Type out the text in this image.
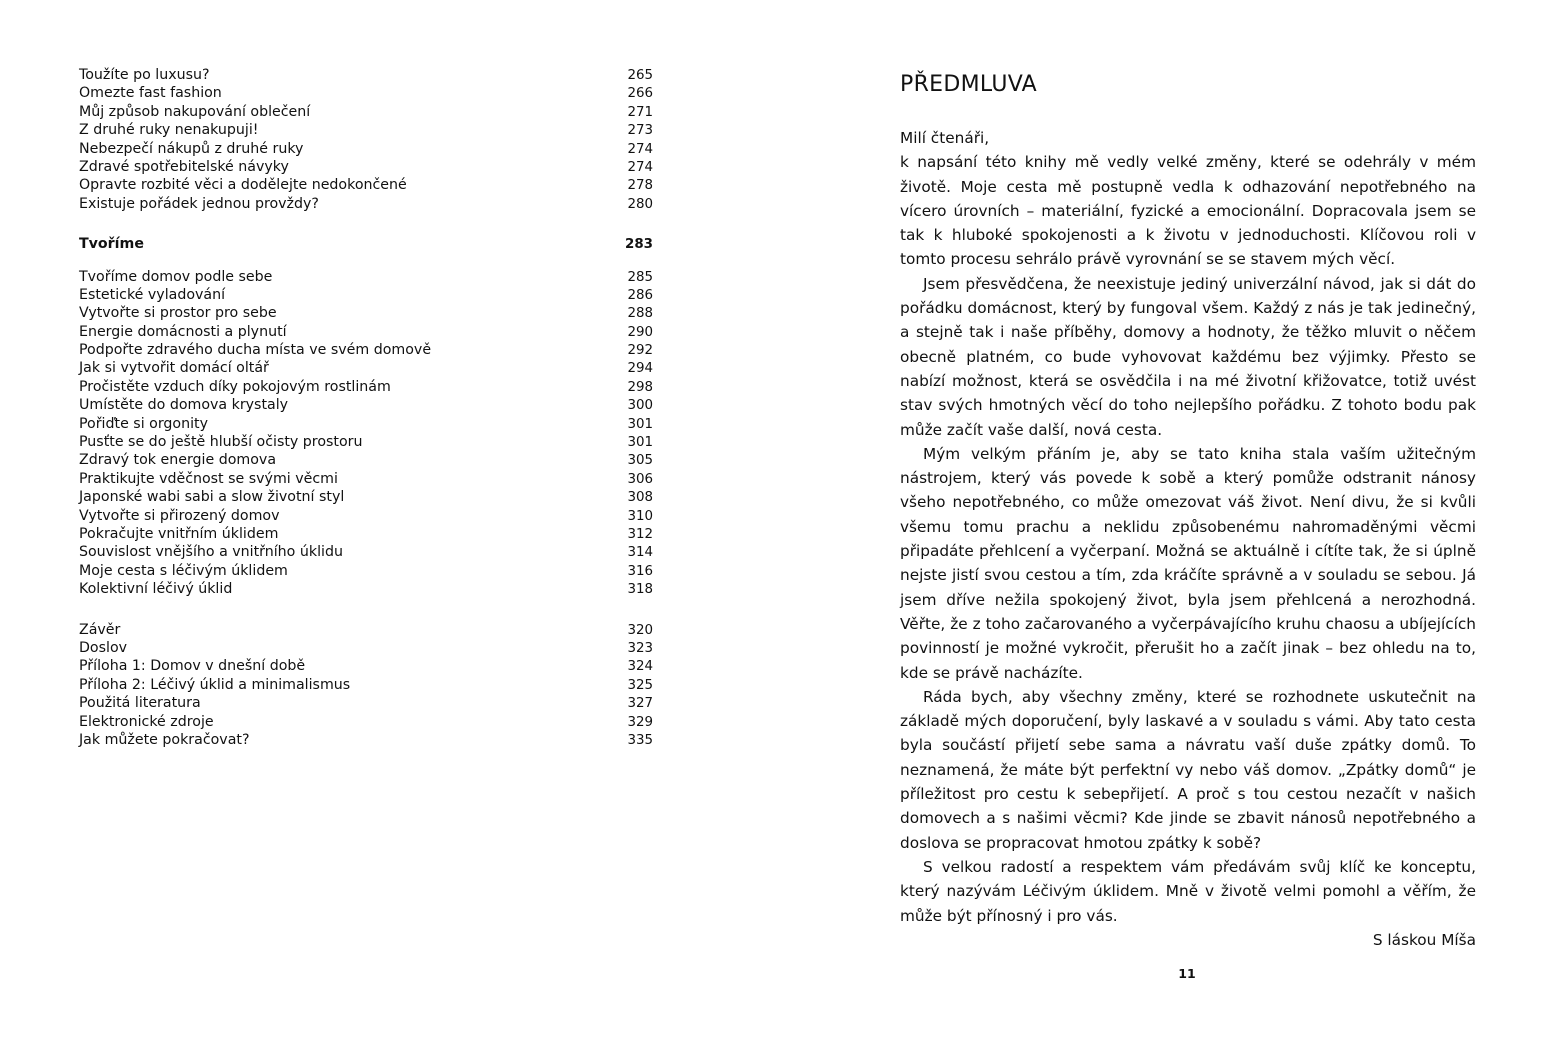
Toužíte po luxusu?	265
Omezte fast fashion	266
Můj způsob nakupování oblečení	271
Z druhé ruky nenakupuji!	273
Nebezpečí nákupů z druhé ruky	274
Zdravé spotřebitelské návyky	274
Opravte rozbité věci a dodělejte nedokončené	278
Existuje pořádek jednou provždy?	280
Tvoříme	283
Tvoříme domov podle sebe	285
Estetické vyladování	286
Vytvořte si prostor pro sebe	288
Energie domácnosti a plynutí	290
Podpořte zdravého ducha místa ve svém domově	292
Jak si vytvořit domácí oltář	294
Pročistěte vzduch díky pokojovým rostlinám	298
Umístěte do domova krystaly	300
Pořiďte si orgonity	301
Pusťte se do ještě hlubší očisty prostoru	301
Zdravý tok energie domova	305
Praktikujte vděčnost se svými věcmi	306
Japonské wabi sabi a slow životní styl	308
Vytvořte si přirozený domov	310
Pokračujte vnitřním úklidem	312
Souvislost vnějšího a vnitřního úklidu	314
Moje cesta s léčivým úklidem	316
Kolektivní léčivý úklid	318
Závěr	320
Doslov	323
Příloha 1: Domov v dnešní době	324
Příloha 2: Léčivý úklid a minimalismus	325
Použitá literatura	327
Elektronické zdroje	329
Jak můžete pokračovat?	335
PŘEDMLUVA

Milí čtenáři,

k napsání této knihy mě vedly velké změny, které se odehrály v mém životě. Moje cesta mě postupně vedla k odhazování nepotřebného na vícero úrovních – materiální, fyzické a emocionální. Dopracovala jsem se tak k hluboké spokojenosti a k životu v jednoduchosti. Klíčovou roli v tomto procesu sehrálo právě vyrovnání se se stavem mých věcí.

Jsem přesvědčena, že neexistuje jediný univerzální návod, jak si dát do pořádku domácnost, který by fungoval všem. Každý z nás je tak jedinečný, a stejně tak i naše příběhy, domovy a hodnoty, že těžko mluvit o něčem obecně platném, co bude vyhovovat každému bez výjimky. Přesto se nabízí možnost, která se osvědčila i na mé životní křižovatce, totiž uvést stav svých hmotných věcí do toho nejlepšího pořádku. Z tohoto bodu pak může začít vaše další, nová cesta.

Mým velkým přáním je, aby se tato kniha stala vaším užitečným nástrojem, který vás povede k sobě a který pomůže odstranit nánosy všeho nepotřebného, co může omezovat váš život. Není divu, že si kvůli všemu tomu prachu a neklidu způsobenému nahromaděnými věcmi připadáte přehlcení a vyčerpaní. Možná se aktuálně i cítíte tak, že si úplně nejste jistí svou cestou a tím, zda kráčíte správně a v souladu se sebou. Já jsem dříve nežila spokojený život, byla jsem přehlcená a nerozhodná. Věřte, že z toho začarovaného a vyčerpávajícího kruhu chaosu a ubíjejících povinností je možné vykročit, přerušit ho a začít jinak – bez ohledu na to, kde se právě nacházíte.

Ráda bych, aby všechny změny, které se rozhodnete uskutečnit na základě mých doporučení, byly laskavé a v souladu s vámi. Aby tato cesta byla součástí přijetí sebe sama a návratu vaší duše zpátky domů. To neznamená, že máte být perfektní vy nebo váš domov. „Zpátky domů“ je příležitost pro cestu k sebepřijetí. A proč s tou cestou nezačít v našich domovech a s našimi věcmi? Kde jinde se zbavit nánosů nepotřebného a doslova se propracovat hmotou zpátky k sobě?

S velkou radostí a respektem vám předávám svůj klíč ke konceptu, který nazývám Léčivým úklidem. Mně v životě velmi pomohl a věřím, že může být přínosný i pro vás.

S láskou Míša

11
